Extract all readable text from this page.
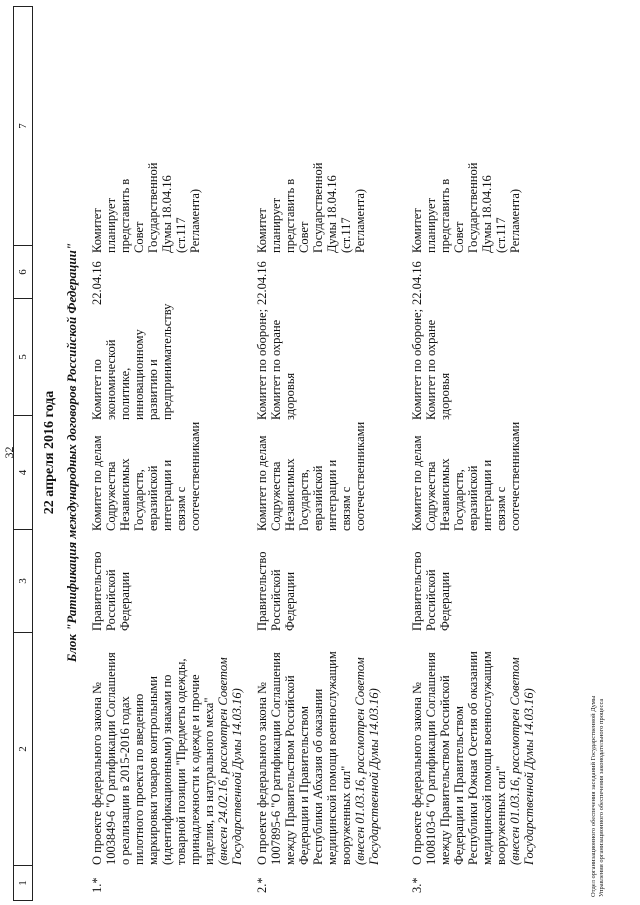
32
1
2
3
4
5
6
7
22 апреля 2016 года Блок "Ратификация международных договоров Российской Федерации"
1.*
О проекте федерального закона № 1003849-6 "О ратификации Соглашения о реализации в 2015-2016 годах пилотного проекта по введению маркировки товаров контрольными (идентификационными) знаками по товарной позиции "Предметы одежды, принадлежности к одежде и прочие изделия, из натурального меха" (внесен 24.02.16, рассмотрен Советом Государственной Думы 14.03.16)
Правительство Российской Федерации
Комитет по делам Содружества Независимых Государств, евразийской интеграции и связям с соотечественниками
Комитет по экономической политике, инновационному развитию и предпринимательству
22.04.16
Комитет планирует представить в Совет Государственной Думы 18.04.16 (ст.117 Регламента)
2.*
О проекте федерального закона № 1007895-6 "О ратификации Соглашения между Правительством Российской Федерации и Правительством Республики Абхазия об оказании медицинской помощи военнослужащим вооруженных сил" (внесен 01.03.16, рассмотрен Советом Государственной Думы 14.03.16)
Правительство Российской Федерации
Комитет по делам Содружества Независимых Государств, евразийской интеграции и связям с соотечественниками
Комитет по обороне; Комитет по охране здоровья
22.04.16
Комитет планирует представить в Совет Государственной Думы 18.04.16 (ст.117 Регламента)
3.*
О проекте федерального закона № 1008103-6 "О ратификации Соглашения между Правительством Российской Федерации и Правительством Республики Южная Осетия об оказании медицинской помощи военнослужащим вооруженных сил" (внесен 01.03.16, рассмотрен Советом Государственной Думы 14.03.16)
Правительство Российской Федерации
Комитет по делам Содружества Независимых Государств, евразийской интеграции и связям с соотечественниками
Комитет по обороне; Комитет по охране здоровья
22.04.16
Комитет планирует представить в Совет Государственной Думы 18.04.16 (ст.117 Регламента)
Отдел организационного обеспечения заседаний Государственной Думы Управления организационного обеспечения законодательного процесса
